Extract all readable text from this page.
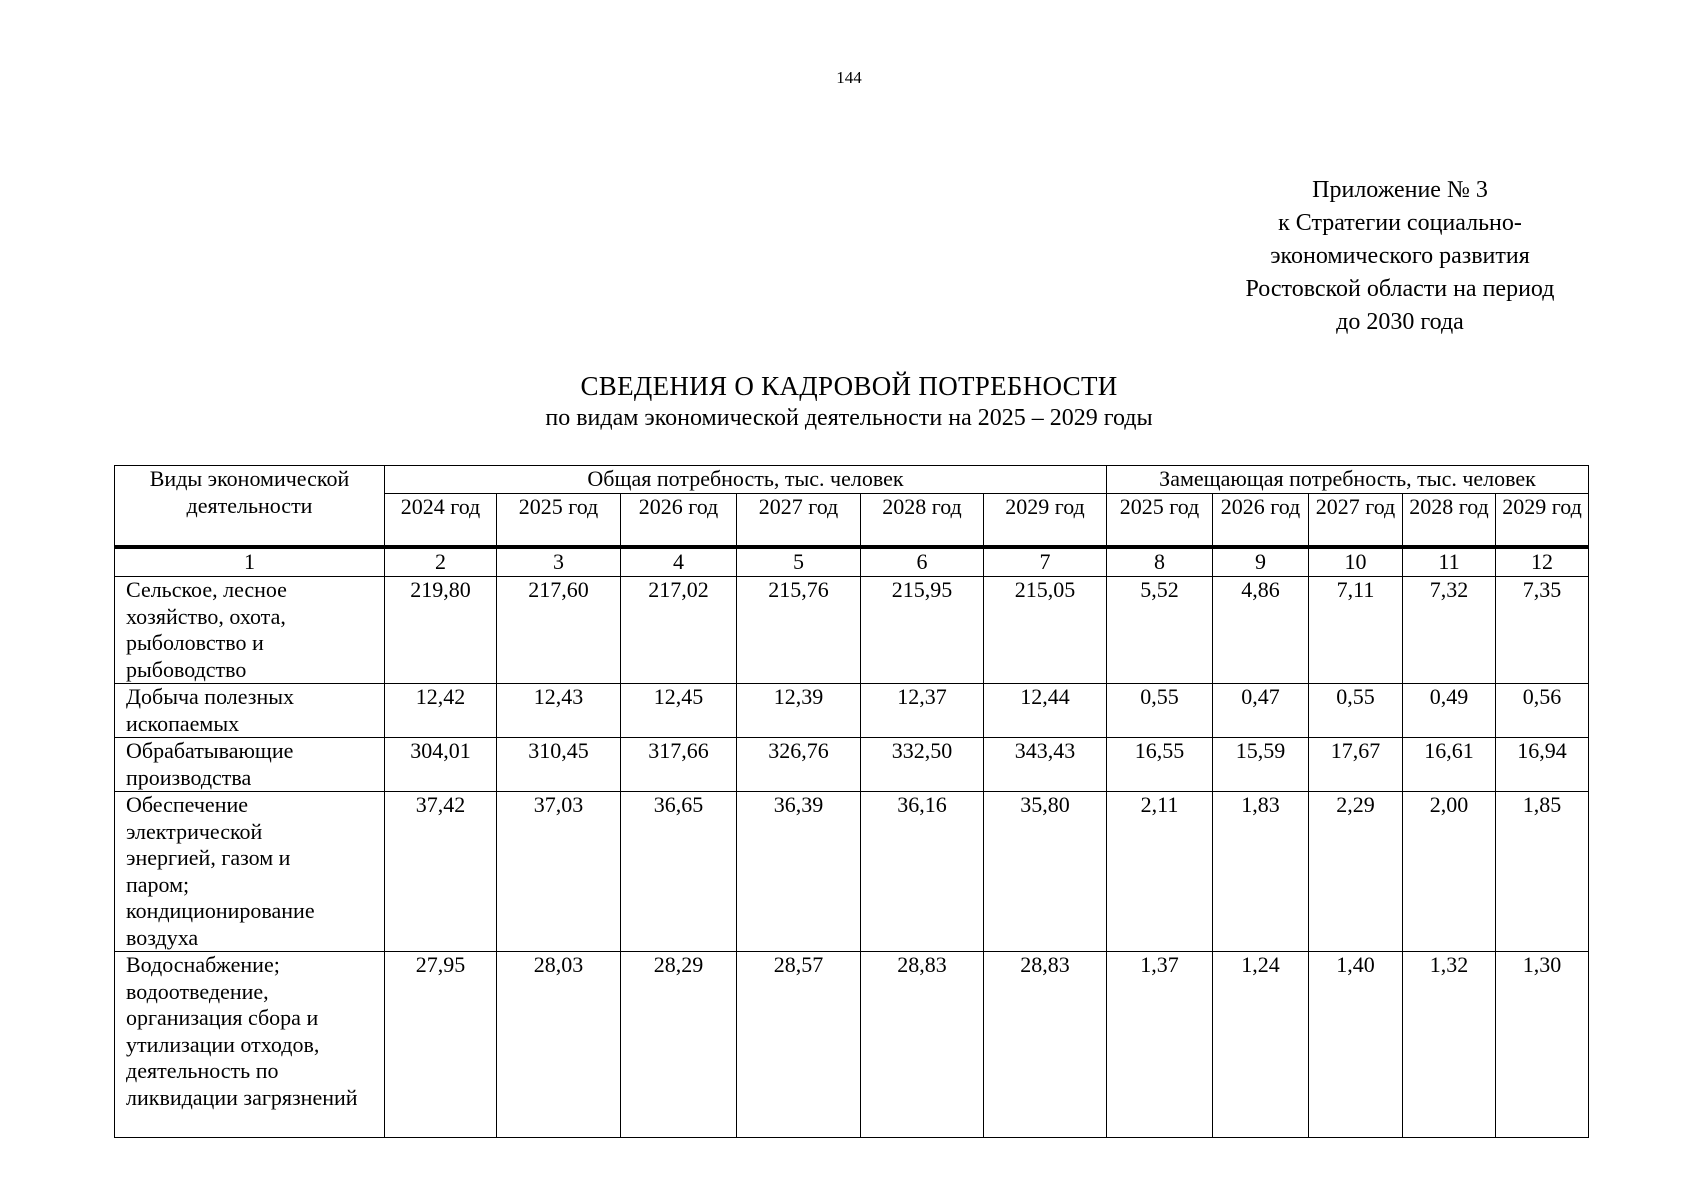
144
Приложение № 3
к Стратегии социально-
экономического развития
Ростовской области на период
до 2030 года
СВЕДЕНИЯ О КАДРОВОЙ ПОТРЕБНОСТИ
по видам экономической деятельности на 2025 – 2029 годы
Виды экономической деятельности	Общая потребность, тыс. человек						Замещающая потребность, тыс. человек				
	2024 год	2025 год	2026 год	2027 год	2028 год	2029 год	2025 год	2026 год	2027 год	2028 год	2029 год
1	2	3	4	5	6	7	8	9	10	11	12

Сельское, лесное хозяйство, охота, рыболовство и рыбоводство	219,80	217,60	217,02	215,76	215,95	215,05	5,52	4,86	7,11	7,32	7,35

Добыча полезных ископаемых	12,42	12,43	12,45	12,39	12,37	12,44	0,55	0,47	0,55	0,49	0,56

Обрабатывающие производства	304,01	310,45	317,66	326,76	332,50	343,43	16,55	15,59	17,67	16,61	16,94

Обеспечение электрической энергией, газом и паром; кондиционирование воздуха	37,42	37,03	36,65	36,39	36,16	35,80	2,11	1,83	2,29	2,00	1,85

Водоснабжение; водоотведение, организация сбора и утилизации отходов, деятельность по ликвидации загрязнений	27,95	28,03	28,29	28,57	28,83	28,83	1,37	1,24	1,40	1,32	1,30
